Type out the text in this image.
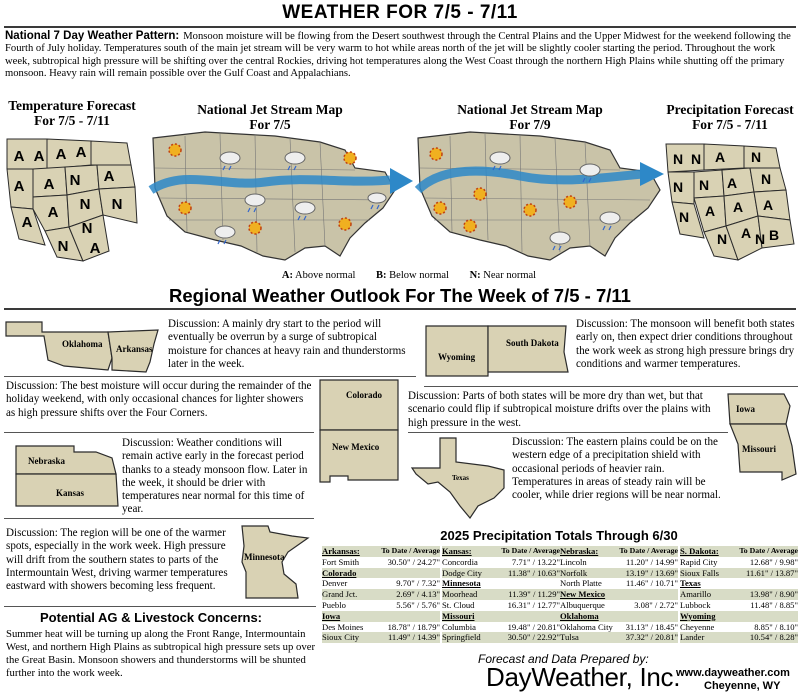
WEATHER FOR 7/5 - 7/11
National 7 Day Weather Pattern: Monsoon moisture will be flowing from the Desert southwest through the Central Plains and the Upper Midwest for the weekend following the Fourth of July holiday. Temperatures south of the main jet stream will be very warm to hot while areas north of the jet will be slightly cooler starting the period. Throughout the work week, subtropical high pressure will be shifting over the central Rockies, driving hot temperatures along the West Coast through the northern High Plains while shutting off the primary monsoon. Heavy rain will remain possible over the Gulf Coast and Appalachians.
Temperature Forecast
For 7/5 - 7/11
National Jet Stream Map
For 7/5
National Jet Stream Map
For 7/9
Precipitation Forecast
For 7/5 - 7/11
A A A A
A A N A
A
A N N
N
N A
N N A N
N N A N
N A A A
N A N B
A: Above normal B: Below normal N: Near normal
Regional Weather Outlook For The Week of 7/5 - 7/11
Oklahoma Arkansas
Discussion: A mainly dry start to the period will eventually be overrun by a surge of subtropical moisture for chances at heavy rain and thunderstorms later in the week.
Wyoming
South Dakota
Discussion: The monsoon will benefit both states early on, then expect drier conditions throughout the work week as strong high pressure brings dry conditions and warmer temperatures.
Discussion: The best moisture will occur during the remainder of the holiday weekend, with only occasional chances for lighter showers as high pressure shifts over the Four Corners.
Colorado
New Mexico
Discussion: Parts of both states will be more dry than wet, but that scenario could flip if subtropical moisture drifts over the plains with high pressure in the west.
Iowa
Missouri
Nebraska
Kansas
Discussion: Weather conditions will remain active early in the forecast period thanks to a steady monsoon flow. Later in the week, it should be drier with temperatures near normal for this time of year.
Texas
Discussion: The eastern plains could be on the western edge of a precipitation shield with occasional periods of heavier rain. Temperatures in areas of steady rain will be cooler, while drier regions will be near normal.
Discussion: The region will be one of the warmer spots, especially in the work week. High pressure will drift from the southern states to parts of the Intermountain West, driving warmer temperatures eastward with showers becoming less frequent.
Minnesota
Potential AG & Livestock Concerns:
Summer heat will be turning up along the Front Range, Intermountain West, and northern High Plains as subtropical high pressure sets up over the Great Basin. Monsoon showers and thunderstorms will be shunted further into the work week.
2025 Precipitation Totals Through 6/30
Arkansas:	To Date / Average
Fort Smith	30.50" / 24.27"
Colorado
Denver	9.70" / 7.32"
Grand Jct.	2.69" / 4.13"
Pueblo	5.56" / 5.76"
Iowa
Des Moines	18.78" / 18.79"
Sioux City	11.49" / 14.39"
Kansas:	To Date / Average
Concordia	7.71" / 13.22"
Dodge City	11.38" / 10.63"
Minnesota
Moorhead	11.39" / 11.29"
St. Cloud	16.31" / 12.77"
Missouri
Columbia	19.48" / 20.81"
Springfield	30.50" / 22.92"
Nebraska:	To Date / Average
Lincoln	11.20" / 14.99"
Norfolk	13.19" / 13.69"
North Platte	11.46" / 10.71"
New Mexico
Albuquerque	3.08" / 2.72"
Oklahoma
Oklahoma City 31.13" / 18.45"
Tulsa	37.32" / 20.81"
S. Dakota:	To Date / Average
Rapid City	12.68" / 9.98"
Sioux Falls	11.61" / 13.87"
Texas
Amarillo	13.98" / 8.90"
Lubbock	11.48" / 8.85"
Wyoming
Cheyenne	8.85" / 8.10"
Lander	10.54" / 8.28"
Forecast and Data Prepared by:
DayWeather, Inc.
www.dayweather.com
Cheyenne, WY
